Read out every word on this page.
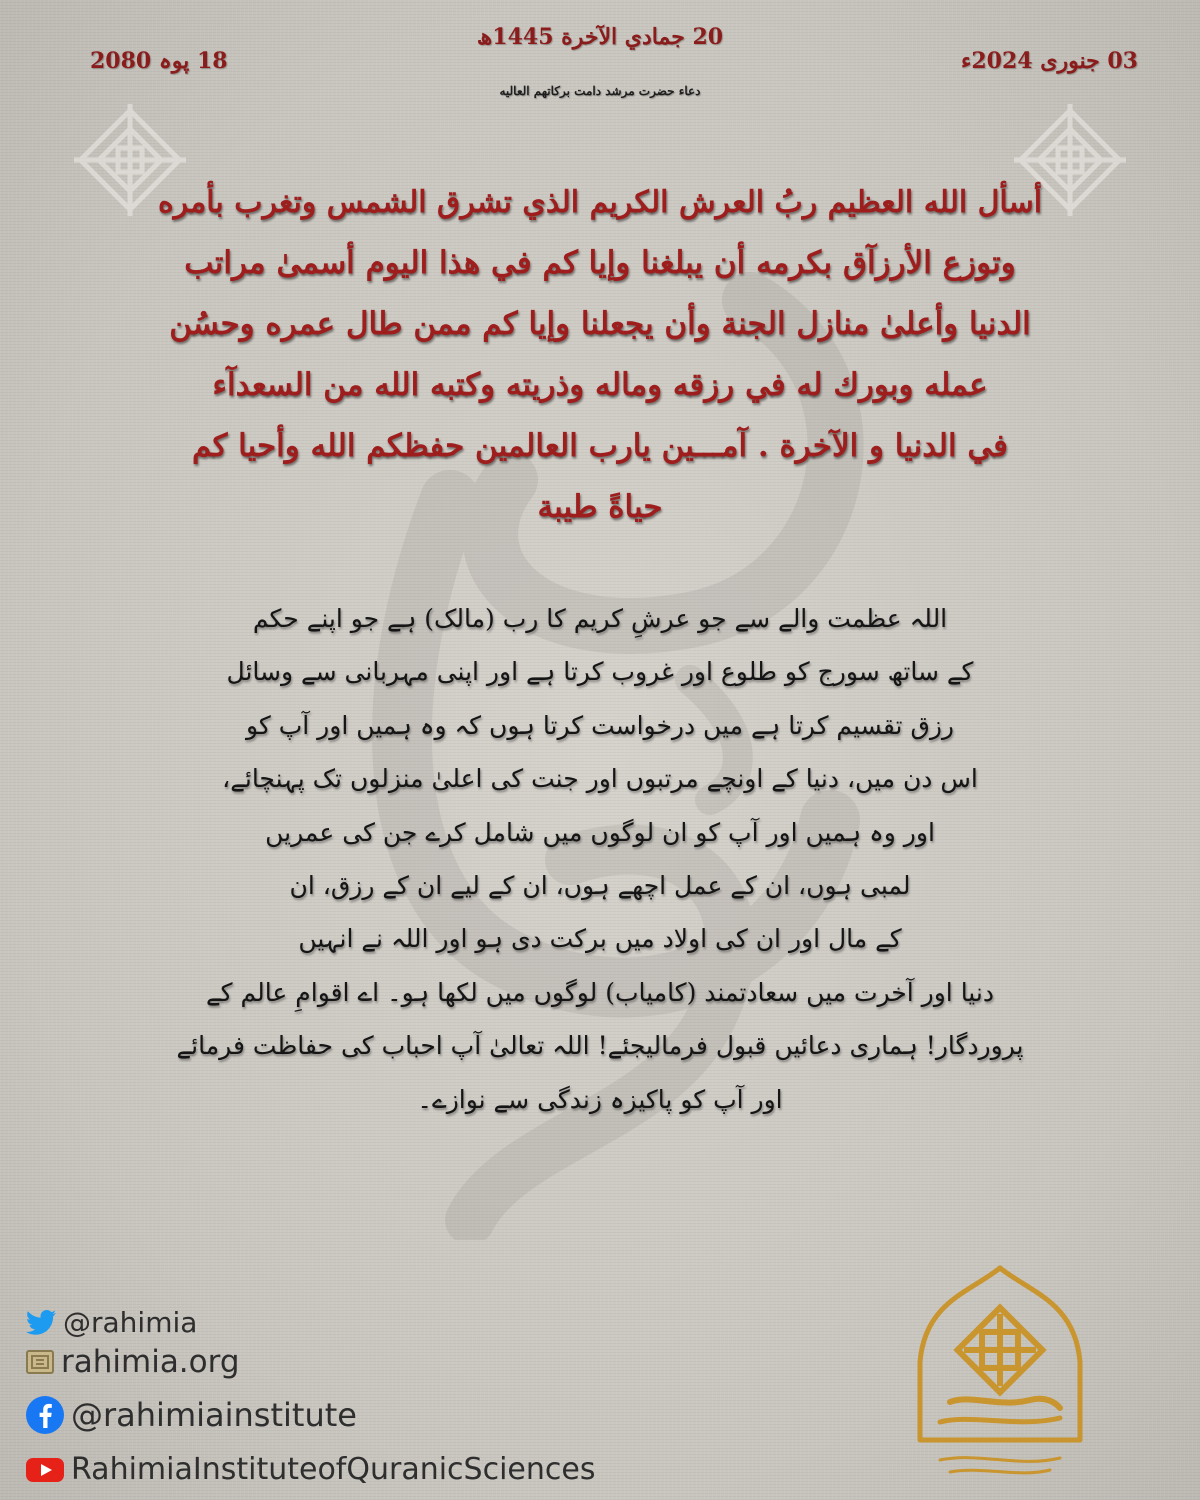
20 جمادي الآخرة 1445ھ
03 جنوری 2024ء
18 پوہ 2080
دعاء حضرت مرشد دامت بركاتهم العاليه
أسأل الله العظيم ربُ العرش الكريم الذي تشرق الشمس وتغرب بأمره
وتوزع الأرزآق بكرمه أن يبلغنا وإيا كم في هذا اليوم أسمىٰ مراتب
الدنيا وأعلىٰ منازل الجنة وأن يجعلنا وإيا كم ممن طال عمره وحسُن
عمله وبورك له في رزقه وماله وذريته وكتبه الله من السعدآء
في الدنيا و الآخرة . آمـــين يارب العالمين حفظكم الله وأحيا كم
حياةً طيبة
اللہ عظمت والے سے جو عرشِ کریم کا رب (مالک) ہے جو اپنے حکم
کے ساتھ سورج کو طلوع اور غروب کرتا ہے اور اپنی مہربانی سے وسائل
رزق تقسیم کرتا ہے میں درخواست کرتا ہوں کہ وہ ہمیں اور آپ کو
اس دن میں، دنیا کے اونچے مرتبوں اور جنت کی اعلیٰ منزلوں تک پہنچائے،
اور وہ ہمیں اور آپ کو ان لوگوں میں شامل کرے جن کی عمریں
لمبی ہوں، ان کے عمل اچھے ہوں، ان کے لیے ان کے رزق، ان
کے مال اور ان کی اولاد میں برکت دی ہو اور اللہ نے انہیں
دنیا اور آخرت میں سعادتمند (کامیاب) لوگوں میں لکھا ہو۔ اے اقوامِ عالم کے
پروردگار! ہماری دعائیں قبول فرمالیجئے! اللہ تعالیٰ آپ احباب کی حفاظت فرمائے
اور آپ کو پاکیزہ زندگی سے نوازے۔
@rahimia
rahimia.org
@rahimiainstitute
RahimiaInstituteofQuranicSciences
